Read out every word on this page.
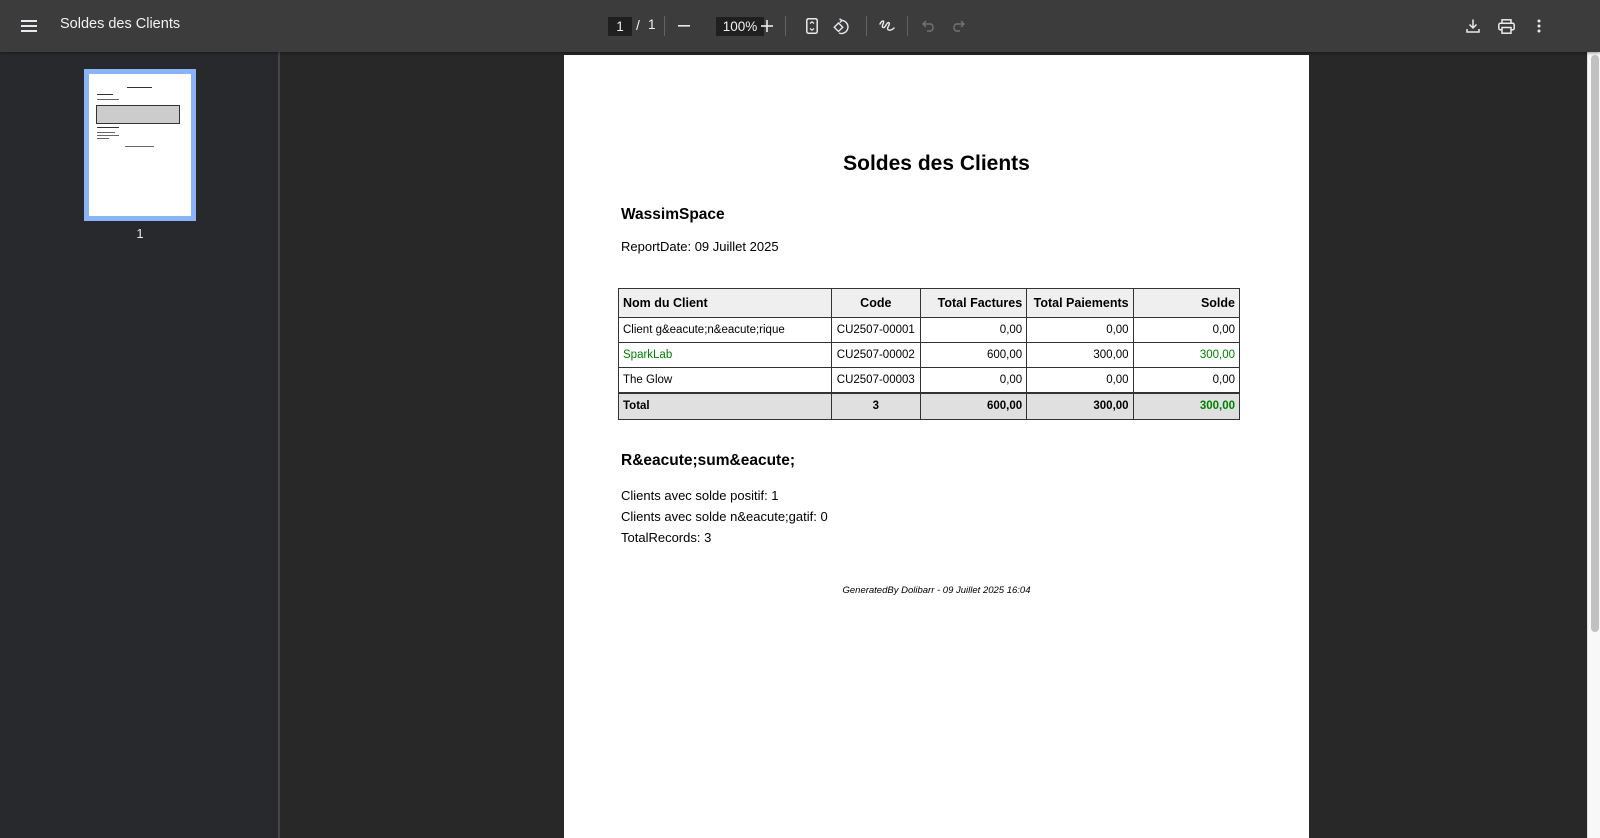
Soldes des Clients
1	/ 1
100%
1
Soldes des Clients
WassimSpace
ReportDate: 09 Juillet 2025
Nom du Client	Code	Total Factures	Total Paiements	Solde
Client g&eacute;n&eacute;rique	CU2507-00001	0,00	0,00	0,00
SparkLab	CU2507-00002	600,00	300,00	300,00
The Glow	CU2507-00003	0,00	0,00	0,00
Total	3	600,00	300,00	300,00
R&eacute;sum&eacute;
Clients avec solde positif: 1
Clients avec solde n&eacute;gatif: 0
TotalRecords: 3
GeneratedBy Dolibarr - 09 Juillet 2025 16:04
